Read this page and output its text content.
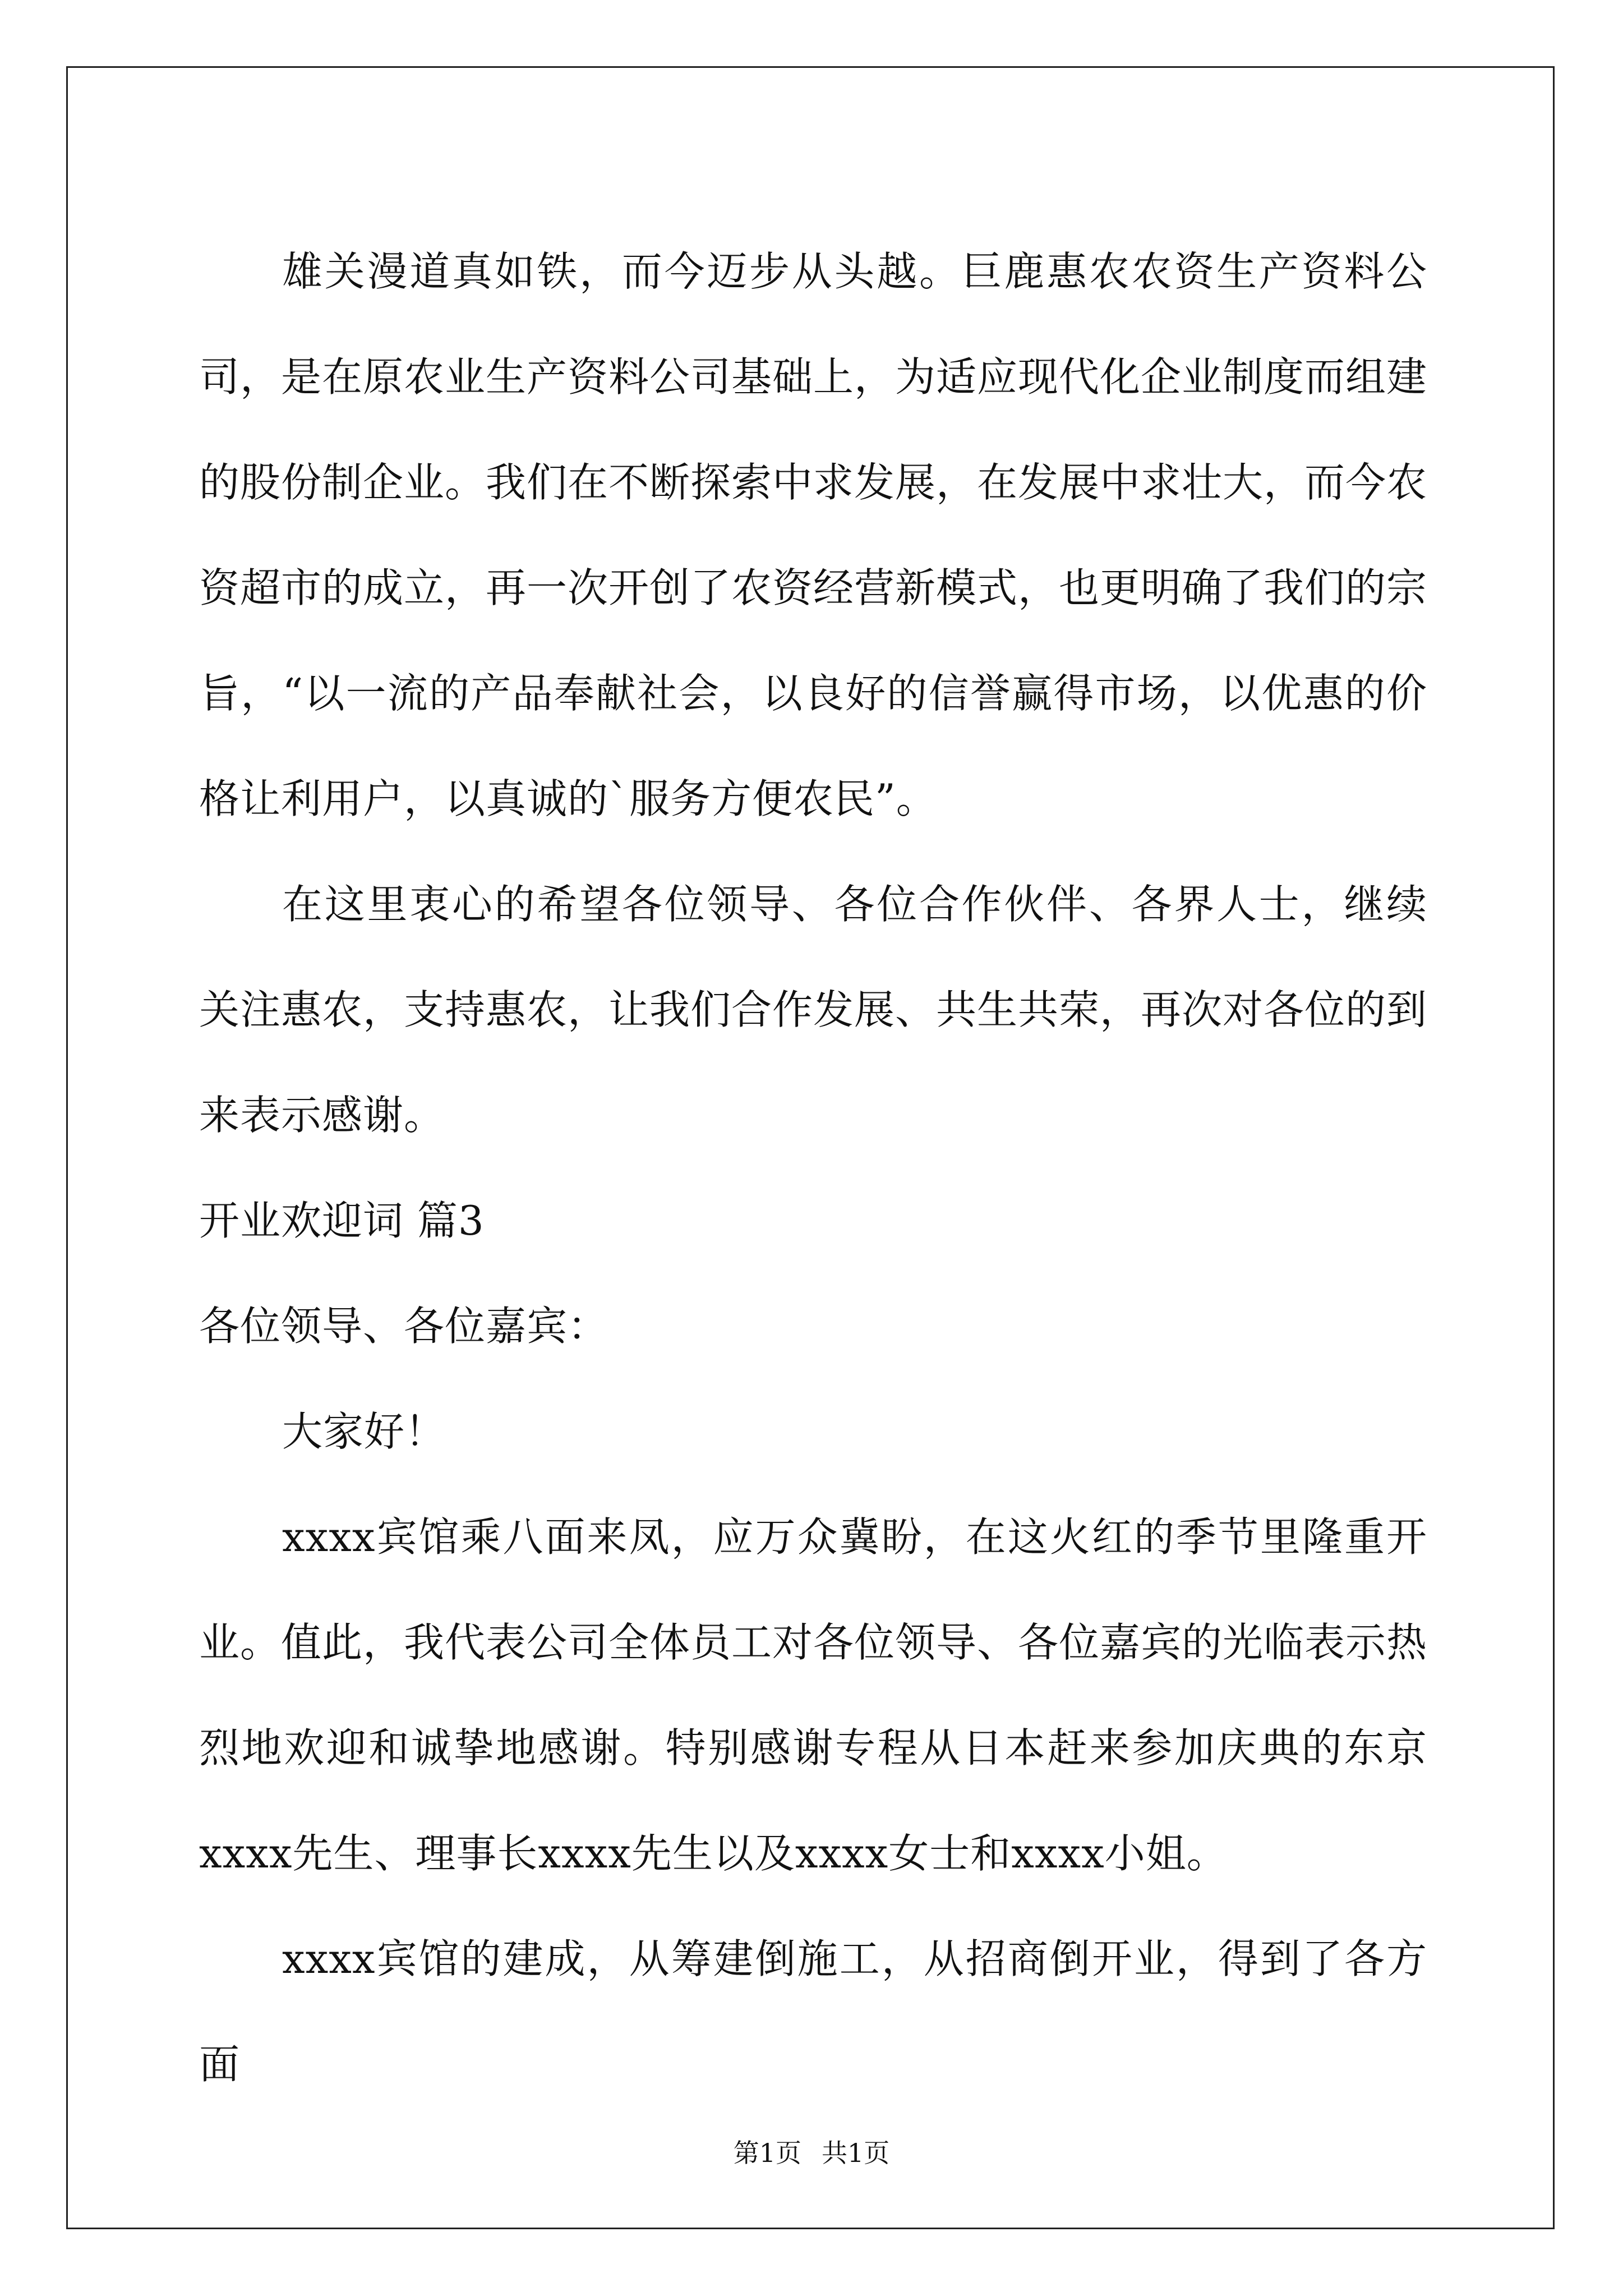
雄关漫道真如铁，而今迈步从头越。巨鹿惠农农资生产资料公司，是在原农业生产资料公司基础上，为适应现代化企业制度而组建的股份制企业。我们在不断探索中求发展，在发展中求壮大，而今农资超市的成立，再一次开创了农资经营新模式，也更明确了我们的宗旨，“以一流的产品奉献社会，以良好的信誉赢得市场，以优惠的价格让利用户，以真诚的`服务方便农民”。

在这里衷心的希望各位领导、各位合作伙伴、各界人士，继续关注惠农，支持惠农，让我们合作发展、共生共荣，再次对各位的到来表示感谢。

开业欢迎词 篇3

各位领导、各位嘉宾：

大家好！

xxxx宾馆乘八面来凤，应万众冀盼，在这火红的季节里隆重开业。值此，我代表公司全体员工对各位领导、各位嘉宾的光临表示热烈地欢迎和诚挚地感谢。特别感谢专程从日本赶来参加庆典的东京xxxx先生、理事长xxxx先生以及xxxx女士和xxxx小姐。

xxxx宾馆的建成，从筹建倒施工，从招商倒开业，得到了各方面

第1页 共1页
